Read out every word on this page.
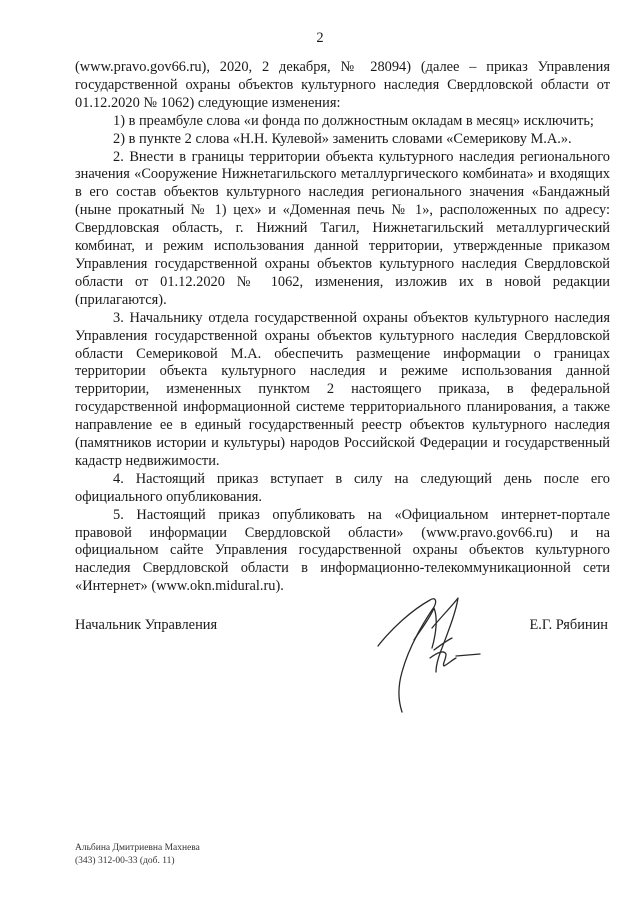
2

(www.pravo.gov66.ru), 2020, 2 декабря, № 28094) (далее – приказ Управления государственной охраны объектов культурного наследия Свердловской области от 01.12.2020 № 1062) следующие изменения:

1) в преамбуле слова «и фонда по должностным окладам в месяц» исключить;

2) в пункте 2 слова «Н.Н. Кулевой» заменить словами «Семерикову М.А.».

2. Внести в границы территории объекта культурного наследия регионального значения «Сооружение Нижнетагильского металлургического комбината» и входящих в его состав объектов культурного наследия регионального значения «Бандажный (ныне прокатный № 1) цех» и «Доменная печь № 1», расположенных по адресу: Свердловская область, г. Нижний Тагил, Нижнетагильский металлургический комбинат, и режим использования данной территории, утвержденные приказом Управления государственной охраны объектов культурного наследия Свердловской области от 01.12.2020 № 1062, изменения, изложив их в новой редакции (прилагаются).

3. Начальнику отдела государственной охраны объектов культурного наследия Управления государственной охраны объектов культурного наследия Свердловской области Семериковой М.А. обеспечить размещение информации о границах территории объекта культурного наследия и режиме использования данной территории, измененных пунктом 2 настоящего приказа, в федеральной государственной информационной системе территориального планирования, а также направление ее в единый государственный реестр объектов культурного наследия (памятников истории и культуры) народов Российской Федерации и государственный кадастр недвижимости.

4. Настоящий приказ вступает в силу на следующий день после его официального опубликования.

5. Настоящий приказ опубликовать на «Официальном интернет-портале правовой информации Свердловской области» (www.pravo.gov66.ru) и на официальном сайте Управления государственной охраны объектов культурного наследия Свердловской области в информационно-телекоммуникационной сети «Интернет» (www.okn.midural.ru).

Начальник Управления	Е.Г. Рябинин
Альбина Дмитриевна Махнева
(343) 312-00-33 (доб. 11)
